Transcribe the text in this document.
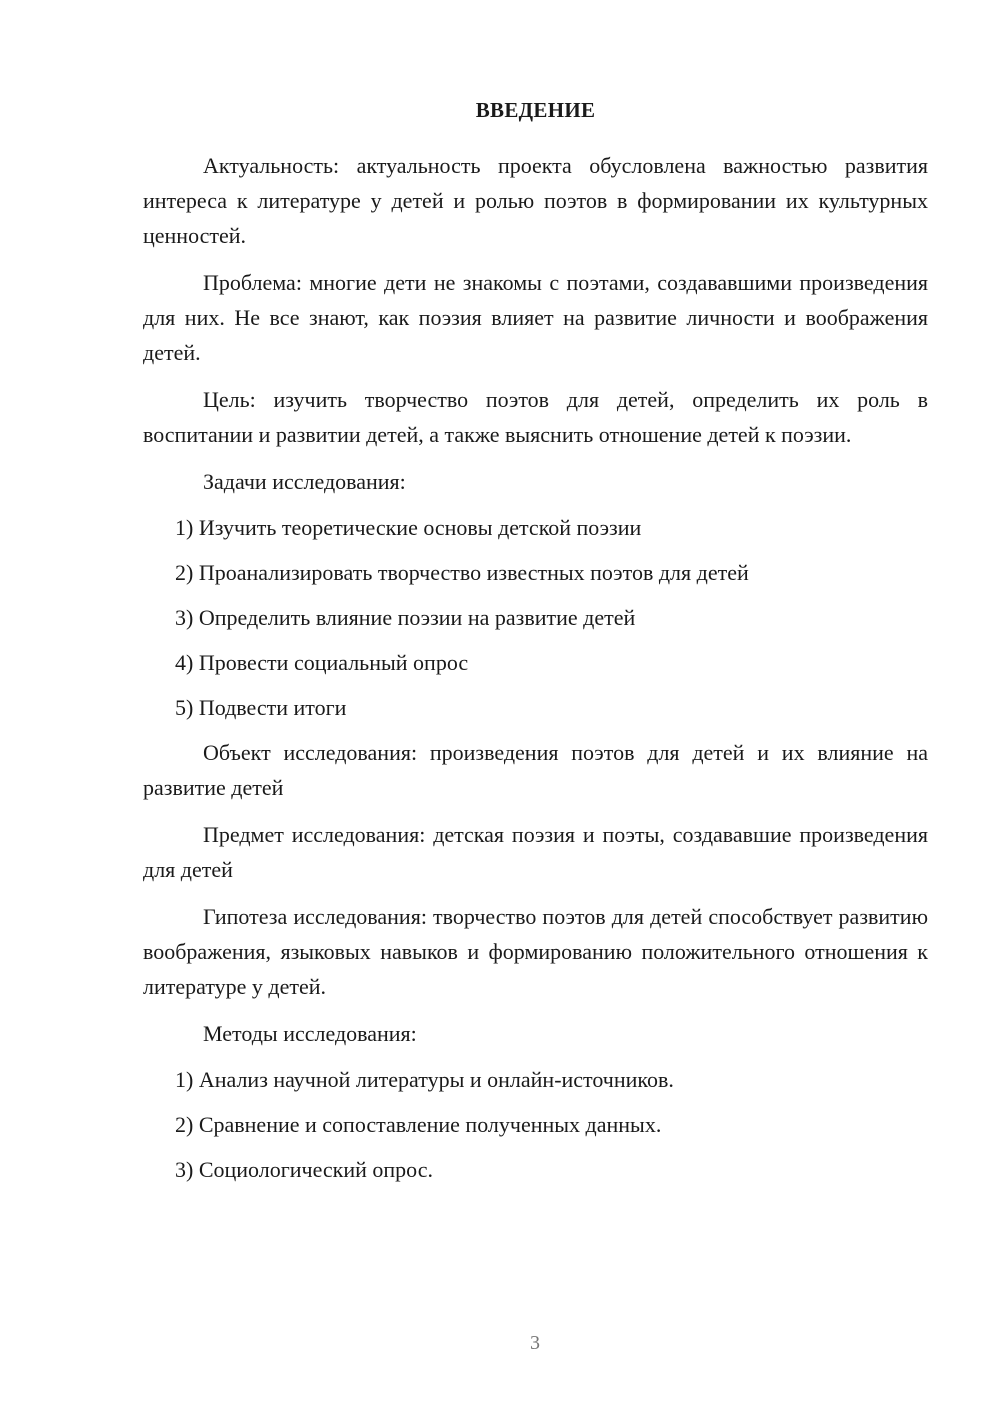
ВВЕДЕНИЕ

Актуальность: актуальность проекта обусловлена важностью развития интереса к литературе у детей и ролью поэтов в формировании их культурных ценностей.

Проблема: многие дети не знакомы с поэтами, создававшими произведения для них. Не все знают, как поэзия влияет на развитие личности и воображения детей.

Цель: изучить творчество поэтов для детей, определить их роль в воспитании и развитии детей, а также выяснить отношение детей к поэзии.

Задачи исследования:

1) Изучить теоретические основы детской поэзии

2) Проанализировать творчество известных поэтов для детей

3) Определить влияние поэзии на развитие детей

4) Провести социальный опрос

5) Подвести итоги

Объект исследования: произведения поэтов для детей и их влияние на развитие детей

Предмет исследования: детская поэзия и поэты, создававшие произведения для детей

Гипотеза исследования: творчество поэтов для детей способствует развитию воображения, языковых навыков и формированию положительного отношения к литературе у детей.

Методы исследования:

1) Анализ научной литературы и онлайн-источников.

2) Сравнение и сопоставление полученных данных.

3) Социологический опрос.

3
